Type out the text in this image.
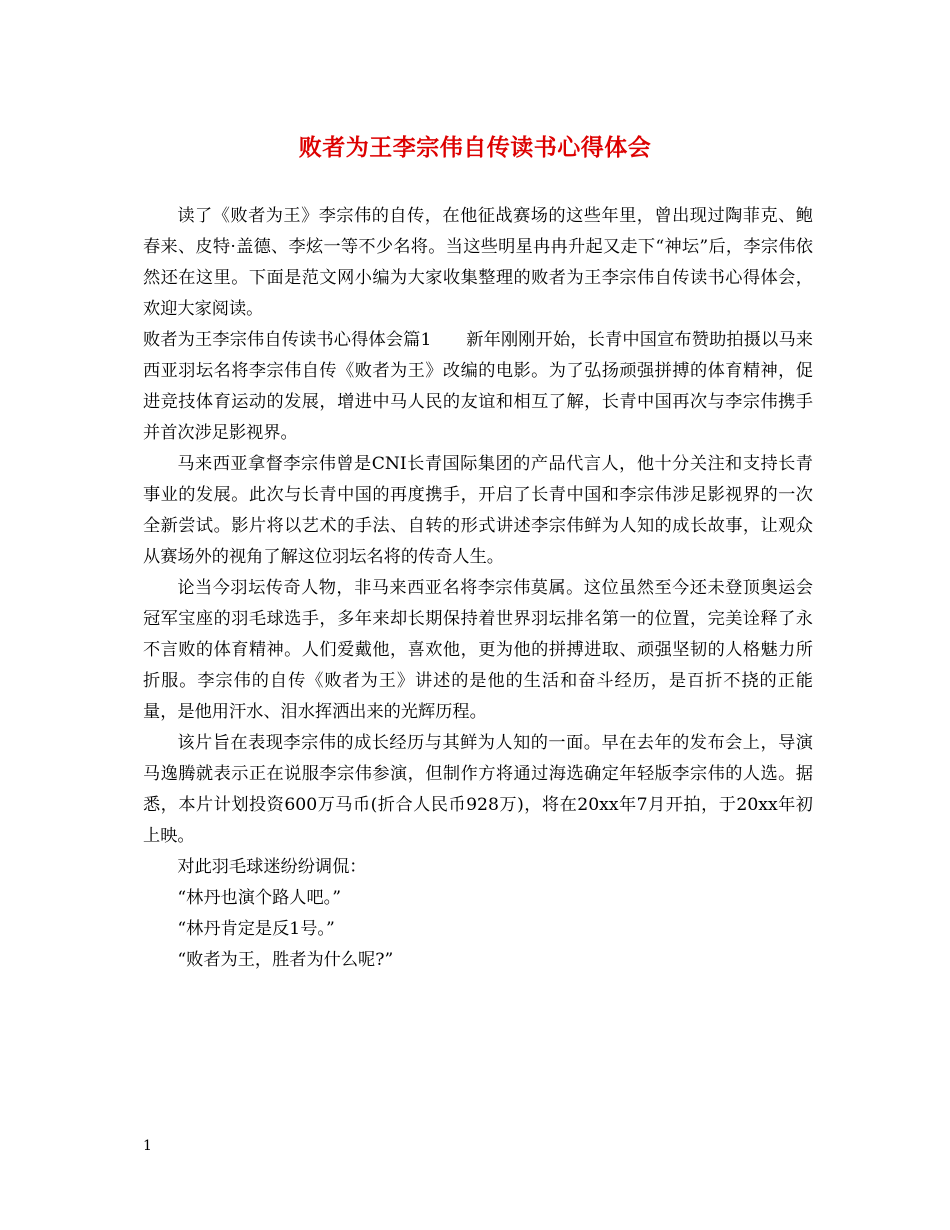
败者为王李宗伟自传读书心得体会

读了《败者为王》李宗伟的自传，在他征战赛场的这些年里，曾出现过陶菲克、鲍春来、皮特·盖德、李炫一等不少名将。当这些明星冉冉升起又走下“神坛”后，李宗伟依然还在这里。下面是范文网小编为大家收集整理的败者为王李宗伟自传读书心得体会，欢迎大家阅读。

败者为王李宗伟自传读书心得体会篇1　　新年刚刚开始，长青中国宣布赞助拍摄以马来西亚羽坛名将李宗伟自传《败者为王》改编的电影。为了弘扬顽强拼搏的体育精神，促进竞技体育运动的发展，增进中马人民的友谊和相互了解，长青中国再次与李宗伟携手并首次涉足影视界。

马来西亚拿督李宗伟曾是CNI长青国际集团的产品代言人，他十分关注和支持长青事业的发展。此次与长青中国的再度携手，开启了长青中国和李宗伟涉足影视界的一次全新尝试。影片将以艺术的手法、自转的形式讲述李宗伟鲜为人知的成长故事，让观众从赛场外的视角了解这位羽坛名将的传奇人生。

论当今羽坛传奇人物，非马来西亚名将李宗伟莫属。这位虽然至今还未登顶奥运会冠军宝座的羽毛球选手，多年来却长期保持着世界羽坛排名第一的位置，完美诠释了永不言败的体育精神。人们爱戴他，喜欢他，更为他的拼搏进取、顽强坚韧的人格魅力所折服。李宗伟的自传《败者为王》讲述的是他的生活和奋斗经历，是百折不挠的正能量，是他用汗水、泪水挥洒出来的光辉历程。

该片旨在表现李宗伟的成长经历与其鲜为人知的一面。早在去年的发布会上，导演马逸腾就表示正在说服李宗伟参演，但制作方将通过海选确定年轻版李宗伟的人选。据悉，本片计划投资600万马币(折合人民币928万)，将在20xx年7月开拍，于20xx年初上映。

对此羽毛球迷纷纷调侃：

“林丹也演个路人吧。”

“林丹肯定是反1号。”

“败者为王，胜者为什么呢?”

1
